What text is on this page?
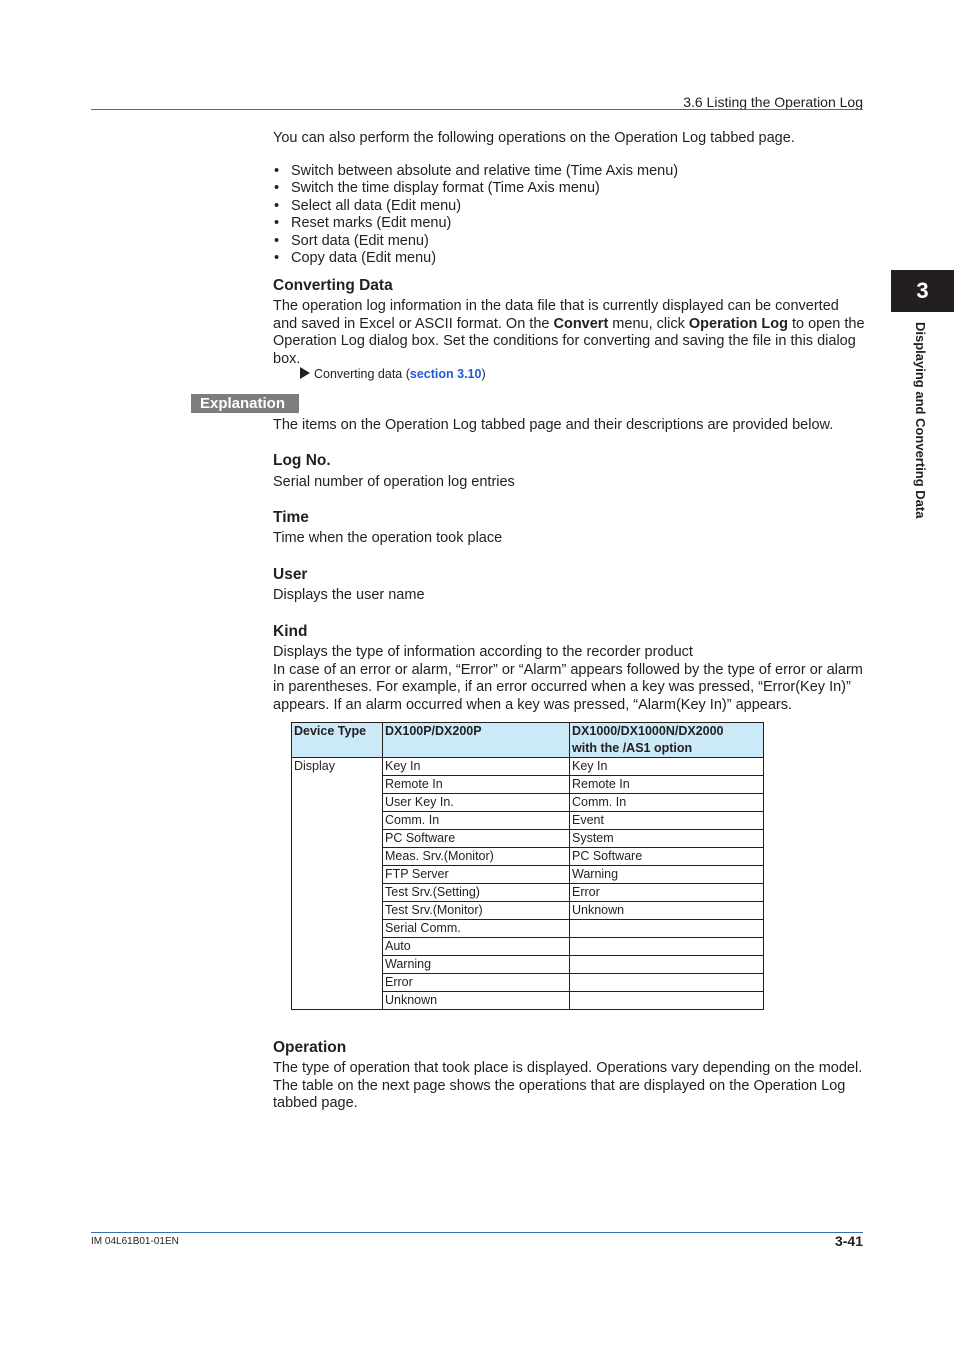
3.6 Listing the Operation Log
3
Displaying and Converting Data
You can also perform the following operations on the Operation Log tabbed page.
• Switch between absolute and relative time (Time Axis menu)
• Switch the time display format (Time Axis menu)
• Select all data (Edit menu)
• Reset marks (Edit menu)
• Sort data (Edit menu)
• Copy data (Edit menu)
Converting Data
The operation log information in the data file that is currently displayed can be converted and saved in Excel or ASCII format. On the Convert menu, click Operation Log to open the Operation Log dialog box. Set the conditions for converting and saving the file in this dialog box.
Converting data (section 3.10)
Explanation
The items on the Operation Log tabbed page and their descriptions are provided below.
Log No.
Serial number of operation log entries
Time
Time when the operation took place
User
Displays the user name
Kind
Displays the type of information according to the recorder product
In case of an error or alarm, “Error” or “Alarm” appears followed by the type of error or alarm in parentheses. For example, if an error occurred when a key was pressed, “Error(Key In)” appears. If an alarm occurred when a key was pressed, “Alarm(Key In)” appears.
Device Type	DX100P/DX200P	DX1000/DX1000N/DX2000
with the /AS1 option

Display	Key In	Key In
	Remote In	Remote In
	User Key In.	Comm. In
	Comm. In	Event
	PC Software	System
	Meas. Srv.(Monitor)	PC Software
	FTP Server	Warning
	Test Srv.(Setting)	Error
	Test Srv.(Monitor)	Unknown
	Serial Comm.	
	Auto	
	Warning	
	Error	
	Unknown	
Operation
The type of operation that took place is displayed. Operations vary depending on the model. The table on the next page shows the operations that are displayed on the Operation Log tabbed page.
IM 04L61B01-01EN	3-41
